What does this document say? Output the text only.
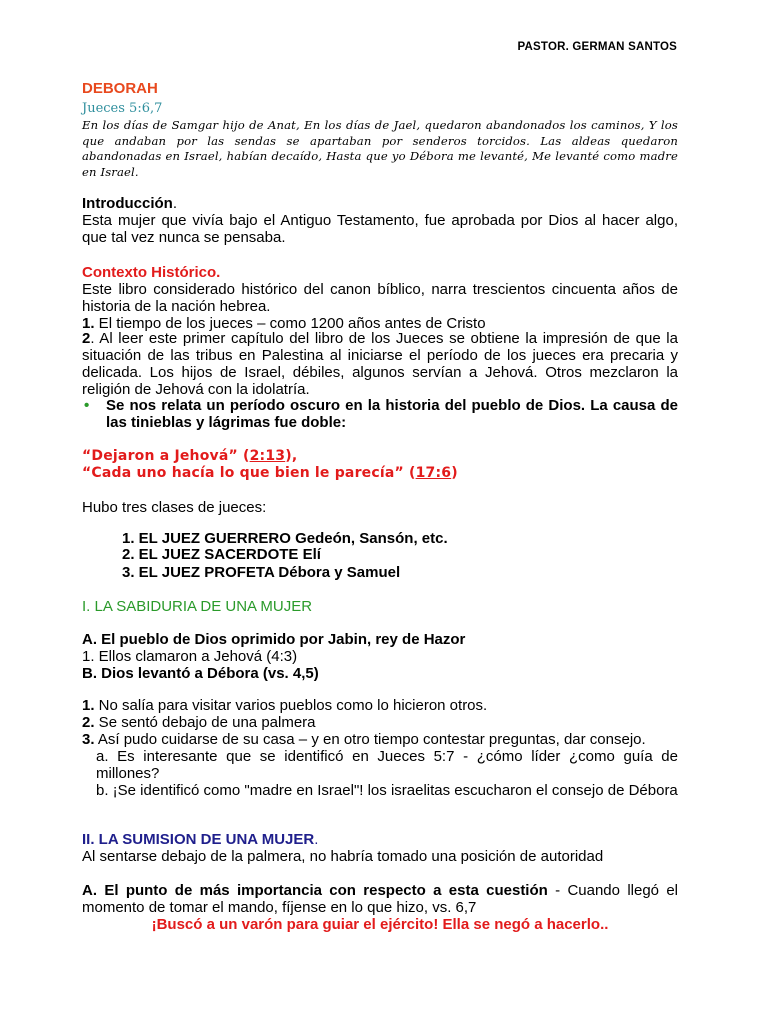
PASTOR. GERMAN SANTOS
DEBORAH
Jueces 5:6,7
En los días de Samgar hijo de Anat, En los días de Jael, quedaron abandonados los caminos, Y los que andaban por las sendas se apartaban por senderos torcidos. Las aldeas quedaron abandonadas en Israel, habían decaído, Hasta que yo Débora me levanté, Me levanté como madre en Israel.
Introducción.
Esta mujer que vivía bajo el Antiguo Testamento, fue aprobada por Dios al hacer algo, que tal vez nunca se pensaba.
Contexto Histórico.
Este libro considerado histórico del canon bíblico, narra trescientos cincuenta años de historia de la nación hebrea.
1. El tiempo de los jueces – como 1200 años antes de Cristo
2. Al leer este primer capítulo del libro de los Jueces se obtiene la impresión de que la situación de las tribus en Palestina al iniciarse el período de los jueces era precaria y delicada. Los hijos de Israel, débiles, algunos servían a Jehová. Otros mezclaron la religión de Jehová con la idolatría.
• Se nos relata un período oscuro en la historia del pueblo de Dios. La causa de las tinieblas y lágrimas fue doble:
“Dejaron a Jehová” (2:13),
“Cada uno hacía lo que bien le parecía” (17:6)
Hubo tres clases de jueces:
1. EL JUEZ GUERRERO Gedeón, Sansón, etc.
2. EL JUEZ SACERDOTE Elí
3. EL JUEZ PROFETA Débora y Samuel
I. LA SABIDURIA DE UNA MUJER
A. El pueblo de Dios oprimido por Jabin, rey de Hazor
1. Ellos clamaron a Jehová (4:3)
B. Dios levantó a Débora (vs. 4,5)
1. No salía para visitar varios pueblos como lo hicieron otros.
2. Se sentó debajo de una palmera
3. Así pudo cuidarse de su casa – y en otro tiempo contestar preguntas, dar consejo.
a. Es interesante que se identificó en Jueces 5:7 - ¿cómo líder ¿como guía de millones?
b. ¡Se identificó como "madre en Israel"! los israelitas escucharon el consejo de Débora
II. LA SUMISION DE UNA MUJER.
Al sentarse debajo de la palmera, no habría tomado una posición de autoridad
A. El punto de más importancia con respecto a esta cuestión - Cuando llegó el momento de tomar el mando, fíjense en lo que hizo, vs. 6,7
¡Buscó a un varón para guiar el ejército! Ella se negó a hacerlo..
